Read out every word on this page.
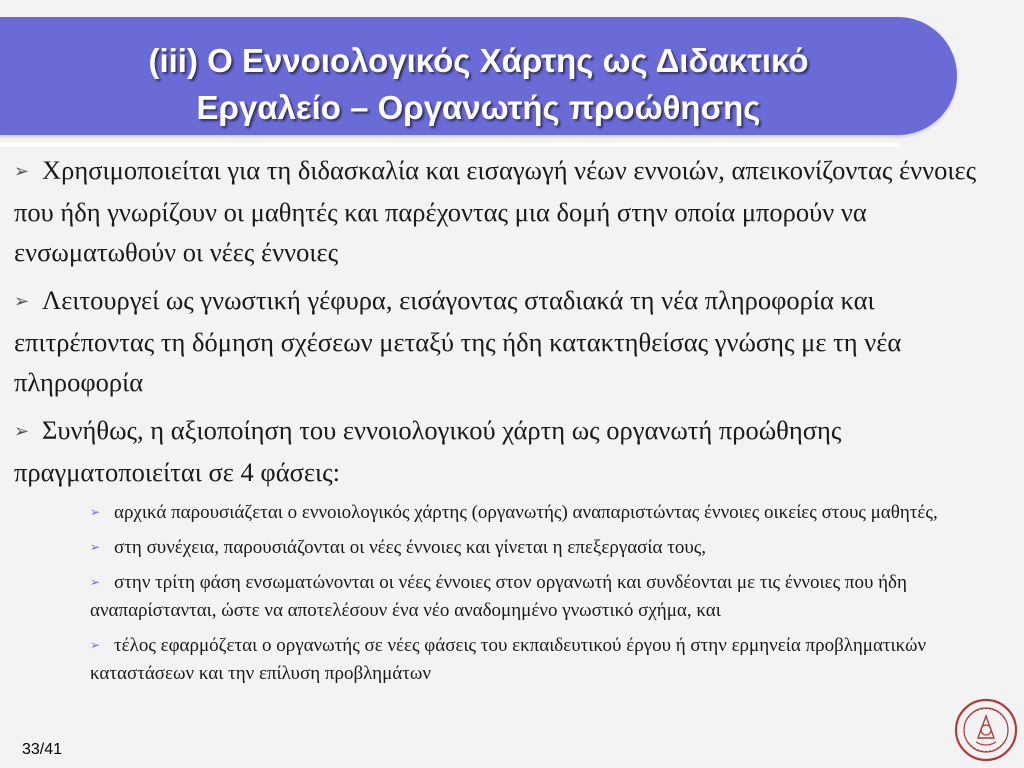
(iii) Ο Εννοιολογικός Χάρτης ως Διδακτικό
Εργαλείο – Οργανωτής προώθησης
➢ Χρησιμοποιείται για τη διδασκαλία και εισαγωγή νέων εννοιών, απεικονίζοντας έννοιες που ήδη γνωρίζουν οι μαθητές και παρέχοντας μια δομή στην οποία μπορούν να ενσωματωθούν οι νέες έννοιες
➢ Λειτουργεί ως γνωστική γέφυρα, εισάγοντας σταδιακά τη νέα πληροφορία και επιτρέποντας τη δόμηση σχέσεων μεταξύ της ήδη κατακτηθείσας γνώσης με τη νέα πληροφορία
➢ Συνήθως, η αξιοποίηση του εννοιολογικού χάρτη ως οργανωτή προώθησης πραγματοποιείται σε 4 φάσεις:
➢ αρχικά παρουσιάζεται ο εννοιολογικός χάρτης (οργανωτής) αναπαριστώντας έννοιες οικείες στους μαθητές,
➢ στη συνέχεια, παρουσιάζονται οι νέες έννοιες και γίνεται η επεξεργασία τους,
➢ στην τρίτη φάση ενσωματώνονται οι νέες έννοιες στον οργανωτή και συνδέονται με τις έννοιες που ήδη αναπαρίστανται, ώστε να αποτελέσουν ένα νέο αναδομημένο γνωστικό σχήμα, και
➢ τέλος εφαρμόζεται ο οργανωτής σε νέες φάσεις του εκπαιδευτικού έργου ή στην ερμηνεία προβληματικών καταστάσεων και την επίλυση προβλημάτων
33/41
